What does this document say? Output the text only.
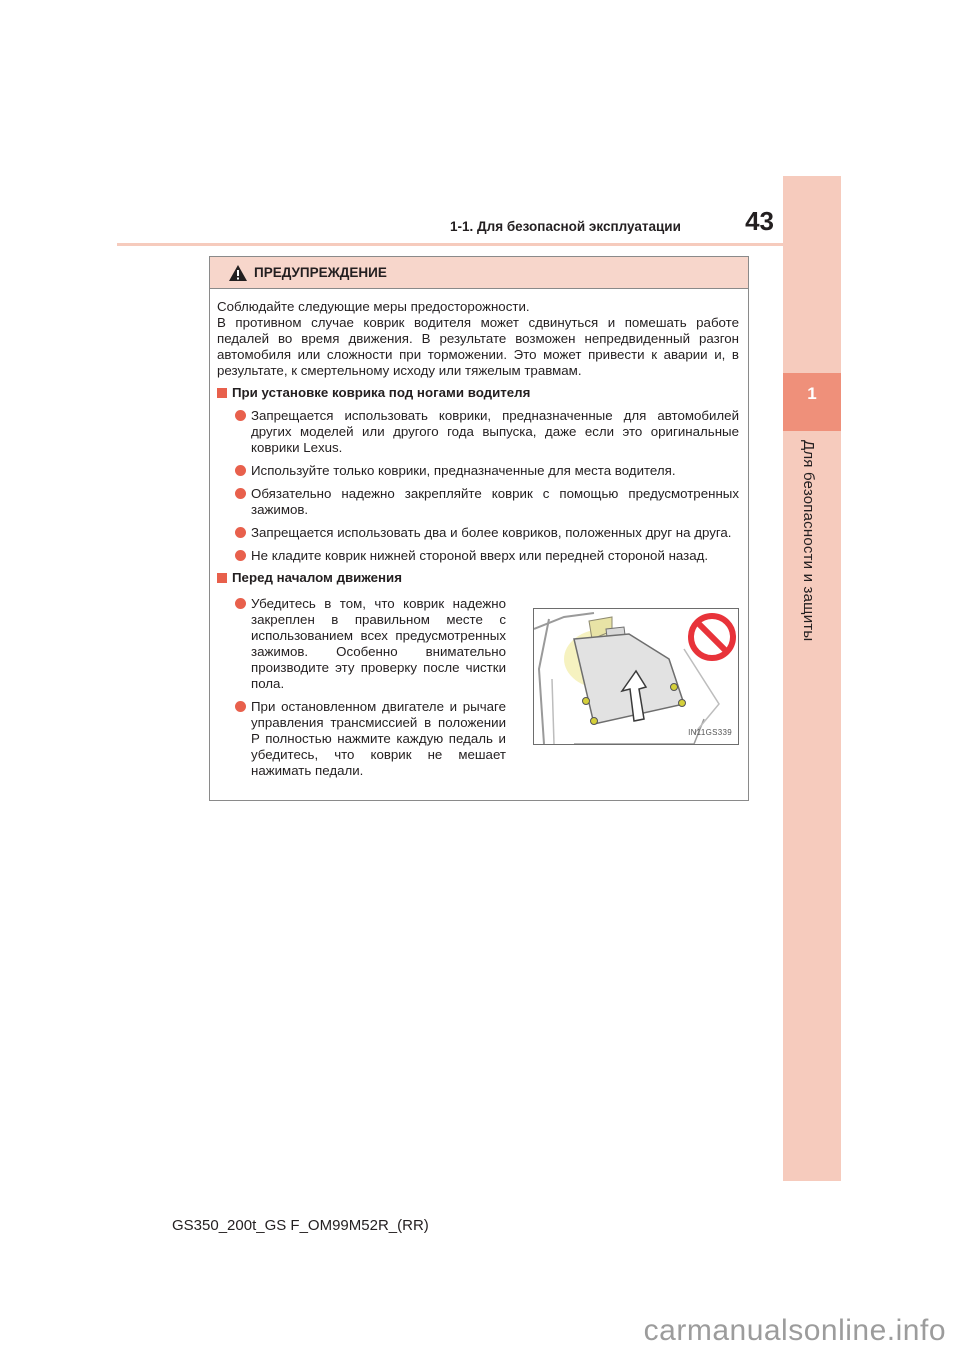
1
Для безопасности и защиты
1-1. Для безопасной эксплуатации	43
ПРЕДУПРЕЖДЕНИЕ

Соблюдайте следующие меры предосторожности.

В противном случае коврик водителя может сдвинуться и помешать работе педалей во время движения. В результате возможен непредвиденный разгон автомобиля или сложности при торможении. Это может привести к аварии и, в результате, к смертельному исходу или тяжелым травмам.

При установке коврика под ногами водителя
Запрещается использовать коврики, предназначенные для автомобилей других моделей или другого года выпуска, даже если это оригинальные коврики Lexus.
Используйте только коврики, предназначенные для места водителя.
Обязательно надежно закрепляйте коврик с помощью предусмотренных зажимов.
Запрещается использовать два и более ковриков, положенных друг на друга.
Не кладите коврик нижней стороной вверх или передней стороной назад.
Перед началом движения
Убедитесь в том, что коврик надежно закреплен в правильном месте с использованием всех предусмотренных зажимов. Особенно внимательно производите эту проверку после чистки пола.
При остановленном двигателе и рычаге управления трансмиссией в положении P полностью нажмите каждую педаль и убедитесь, что коврик не мешает нажимать педали.
IN11GS339
GS350_200t_GS F_OM99M52R_(RR)
carmanualsonline.info
